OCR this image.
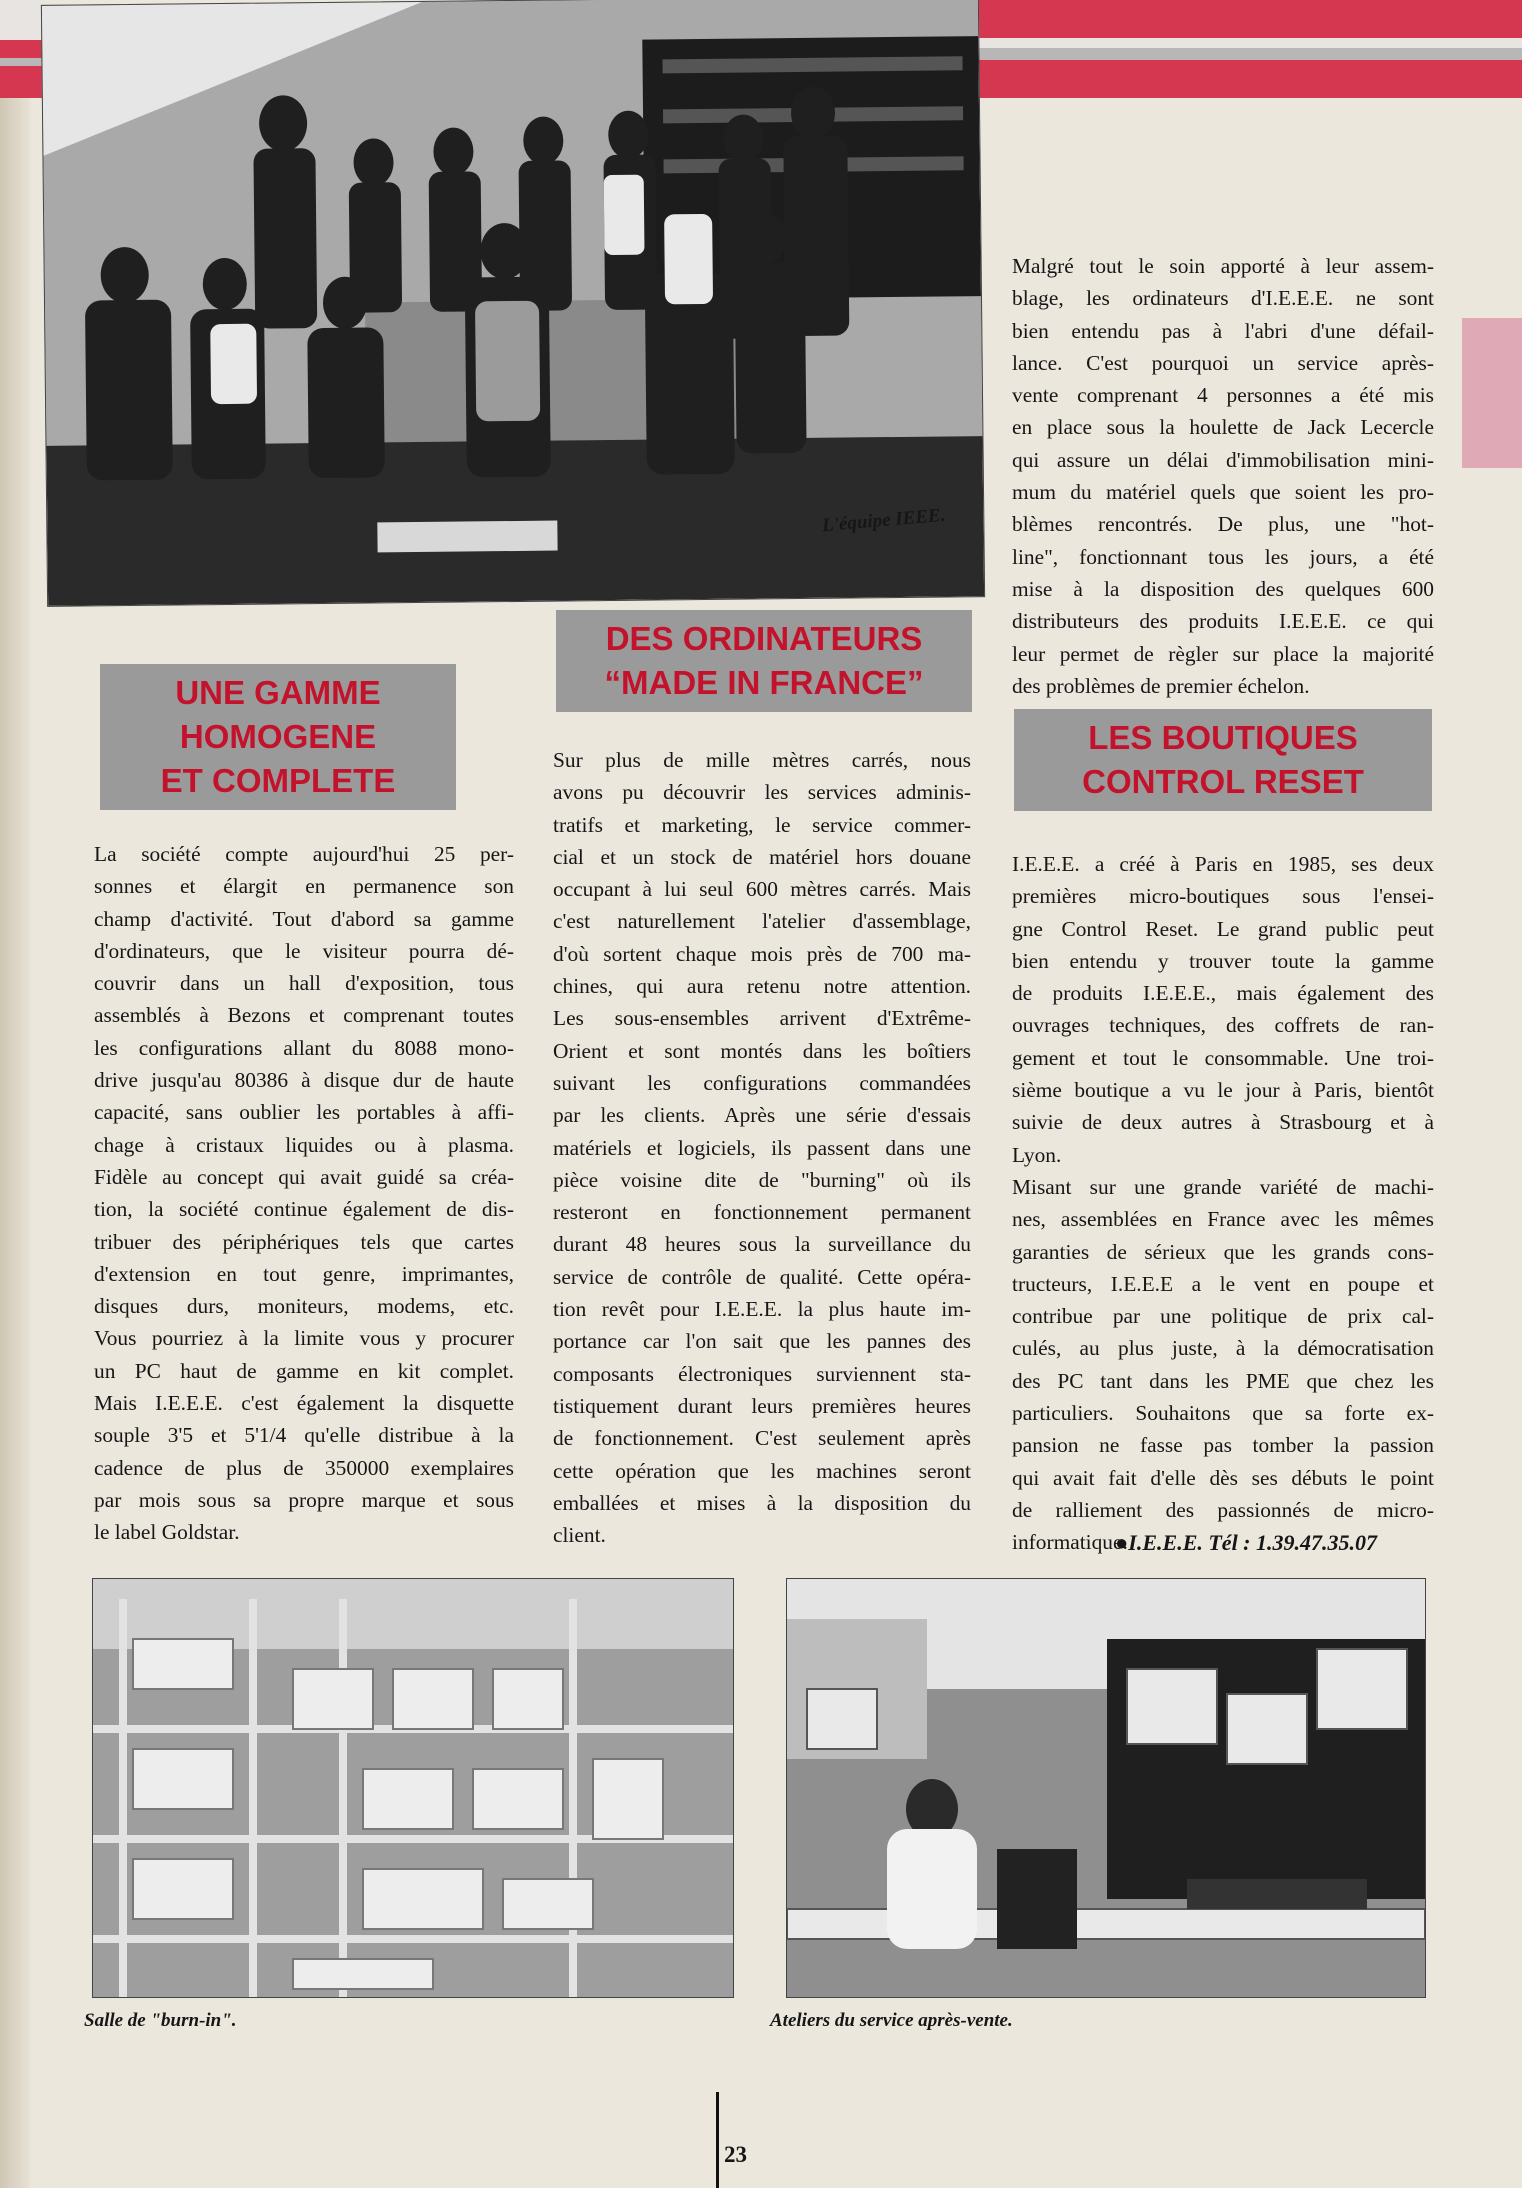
L'équipe IEEE.
UNE GAMME
HOMOGENE
ET COMPLETE

La société compte aujourd'hui 25 per-

sonnes et élargit en permanence son

champ d'activité. Tout d'abord sa gamme

d'ordinateurs, que le visiteur pourra dé-

couvrir dans un hall d'exposition, tous

assemblés à Bezons et comprenant toutes

les configurations allant du 8088 mono-

drive jusqu'au 80386 à disque dur de haute

capacité, sans oublier les portables à affi-

chage à cristaux liquides ou à plasma.

Fidèle au concept qui avait guidé sa créa-

tion, la société continue également de dis-

tribuer des périphériques tels que cartes

d'extension en tout genre, imprimantes,

disques durs, moniteurs, modems, etc.

Vous pourriez à la limite vous y procurer

un PC haut de gamme en kit complet.

Mais I.E.E.E. c'est également la disquette

souple 3'5 et 5'1/4 qu'elle distribue à la

cadence de plus de 350000 exemplaires

par mois sous sa propre marque et sous

le label Goldstar.

DES ORDINATEURS
“MADE IN FRANCE”

Sur plus de mille mètres carrés, nous

avons pu découvrir les services adminis-

tratifs et marketing, le service commer-

cial et un stock de matériel hors douane

occupant à lui seul 600 mètres carrés. Mais

c'est naturellement l'atelier d'assemblage,

d'où sortent chaque mois près de 700 ma-

chines, qui aura retenu notre attention.

Les sous-ensembles arrivent d'Extrême-

Orient et sont montés dans les boîtiers

suivant les configurations commandées

par les clients. Après une série d'essais

matériels et logiciels, ils passent dans une

pièce voisine dite de "burning" où ils

resteront en fonctionnement permanent

durant 48 heures sous la surveillance du

service de contrôle de qualité. Cette opéra-

tion revêt pour I.E.E.E. la plus haute im-

portance car l'on sait que les pannes des

composants électroniques surviennent sta-

tistiquement durant leurs premières heures

de fonctionnement. C'est seulement après

cette opération que les machines seront

emballées et mises à la disposition du

client.

Malgré tout le soin apporté à leur assem-

blage, les ordinateurs d'I.E.E.E. ne sont

bien entendu pas à l'abri d'une défail-

lance. C'est pourquoi un service après-

vente comprenant 4 personnes a été mis

en place sous la houlette de Jack Lecercle

qui assure un délai d'immobilisation mini-

mum du matériel quels que soient les pro-

blèmes rencontrés. De plus, une "hot-

line", fonctionnant tous les jours, a été

mise à la disposition des quelques 600

distributeurs des produits I.E.E.E. ce qui

leur permet de règler sur place la majorité

des problèmes de premier échelon.

LES BOUTIQUES
CONTROL RESET

I.E.E.E. a créé à Paris en 1985, ses deux

premières micro-boutiques sous l'ensei-

gne Control Reset. Le grand public peut

bien entendu y trouver toute la gamme

de produits I.E.E.E., mais également des

ouvrages techniques, des coffrets de ran-

gement et tout le consommable. Une troi-

sième boutique a vu le jour à Paris, bientôt

suivie de deux autres à Strasbourg et à

Lyon.

Misant sur une grande variété de machi-

nes, assemblées en France avec les mêmes

garanties de sérieux que les grands cons-

tructeurs, I.E.E.E a le vent en poupe et

contribue par une politique de prix cal-

culés, au plus juste, à la démocratisation

des PC tant dans les PME que chez les

particuliers. Souhaitons que sa forte ex-

pansion ne fasse pas tomber la passion

qui avait fait d'elle dès ses débuts le point

de ralliement des passionnés de micro-

informatique.

●I.E.E.E. Tél : 1.39.47.35.07
Salle de "burn-in".	Ateliers du service après-vente.
23
